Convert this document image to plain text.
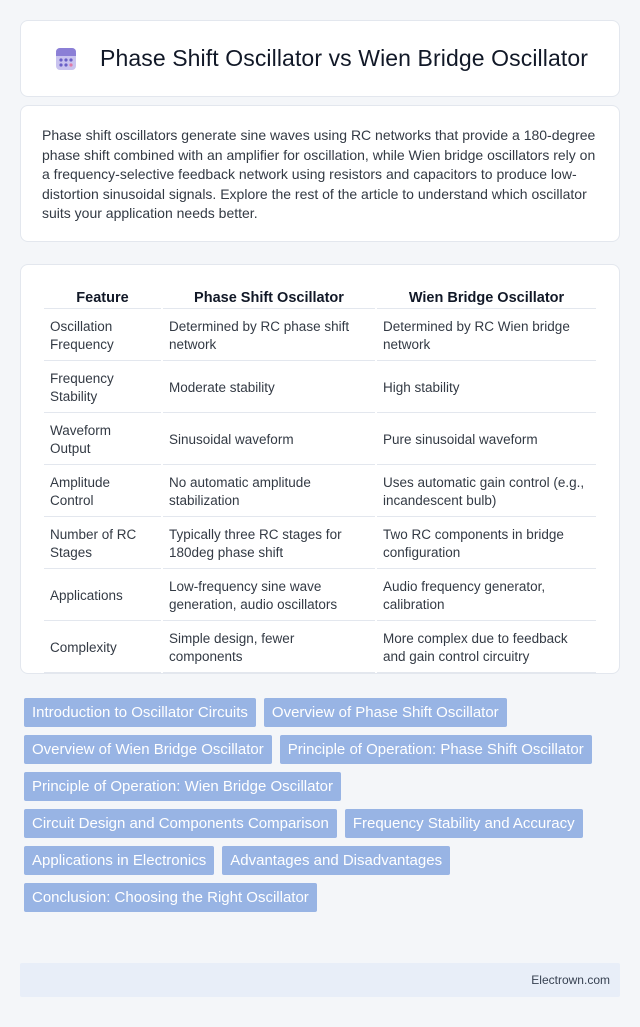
Phase Shift Oscillator vs Wien Bridge Oscillator

Phase shift oscillators generate sine waves using RC networks that provide a 180-degree phase shift combined with an amplifier for oscillation, while Wien bridge oscillators rely on a frequency-selective feedback network using resistors and capacitors to produce low-distortion sinusoidal signals. Explore the rest of the article to understand which oscillator suits your application needs better.

Feature	Phase Shift Oscillator	Wien Bridge Oscillator
Oscillation Frequency	Determined by RC phase shift network	Determined by RC Wien bridge network
Frequency Stability	Moderate stability	High stability
Waveform Output	Sinusoidal waveform	Pure sinusoidal waveform
Amplitude Control	No automatic amplitude stabilization	Uses automatic gain control (e.g., incandescent bulb)
Number of RC Stages	Typically three RC stages for 180deg phase shift	Two RC components in bridge configuration
Applications	Low-frequency sine wave generation, audio oscillators	Audio frequency generator, calibration
Complexity	Simple design, fewer components	More complex due to feedback and gain control circuitry
Introduction to Oscillator Circuits	Overview of Phase Shift Oscillator
Overview of Wien Bridge Oscillator	Principle of Operation: Phase Shift Oscillator
Principle of Operation: Wien Bridge Oscillator
Circuit Design and Components Comparison	Frequency Stability and Accuracy
Applications in Electronics	Advantages and Disadvantages
Conclusion: Choosing the Right Oscillator
Electrown.com
